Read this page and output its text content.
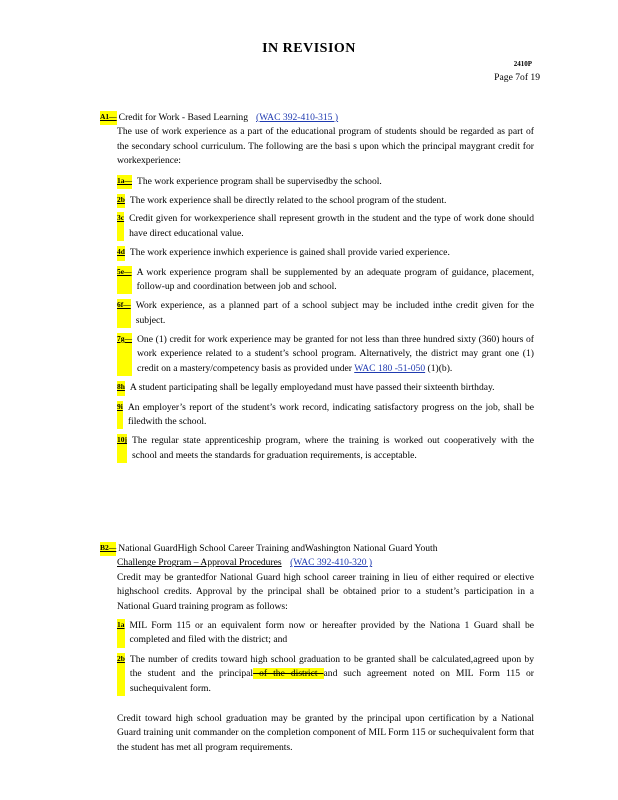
IN REVISION
2410P
Page 7of 19
A1— Credit for Work - Based Learning (WAC 392-410-315 )
The use of work experience as a part of the educational program of students should be regarded as part of the secondary school curriculum. The following are the basi s upon which the principal maygrant credit for workexperience:
1a— The work experience program shall be supervisedby the school.
2b The work experience shall be directly related to the school program of the student.
3c Credit given for workexperience shall represent growth in the student and the type of work done should have direct educational value.
4d The work experience inwhich experience is gained shall provide varied experience.
5e— A work experience program shall be supplemented by an adequate program of guidance, placement, follow-up and coordination between job and school.
6f— Work experience, as a planned part of a school subject may be included inthe credit given for the subject.
7g— One (1) credit for work experience may be granted for not less than three hundred sixty (360) hours of work experience related to a student’s school program. Alternatively, the district may grant one (1) credit on a mastery/competency basis as provided under WAC 180 -51-050 (1)(b).
8h A student participating shall be legally employedand must have passed their sixteenth birthday.
9i An employer’s report of the student’s work record, indicating satisfactory progress on the job, shall be filedwith the school.
10j The regular state apprenticeship program, where the training is worked out cooperatively with the school and meets the standards for graduation requirements, is acceptable.
B2— National GuardHigh School Career Training andWashington National Guard Youth
Challenge Program – Approval Procedures (WAC 392-410-320 )
Credit may be grantedfor National Guard high school career training in lieu of either required or elective highschool credits. Approval by the principal shall be obtained prior to a student’s participation in a National Guard training program as follows:
1a MIL Form 115 or an equivalent form now or hereafter provided by the Nationa 1 Guard shall be completed and filed with the district; and
2b The number of credits toward high school graduation to be granted shall be calculated,agreed upon by the student and the principal of the district and such agreement noted on MIL Form 115 or suchequivalent form.
Credit toward high school graduation may be granted by the principal upon certification by a National Guard training unit commander on the completion component of MIL Form 115 or suchequivalent form that the student has met all program requirements.
